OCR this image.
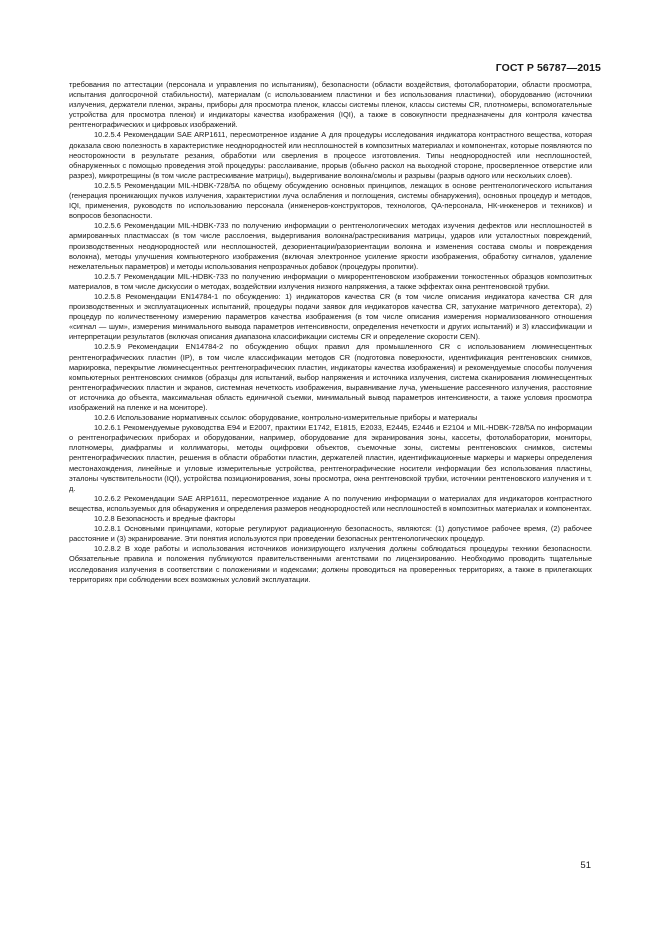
ГОСТ Р 56787—2015

требования по аттестации (персонала и управления по испытаниям), безопасности (области воздействия, фотолаборатории, области просмотра, испытания долгосрочной стабильности), материалам (с использованием пластинки и без использования пластинки), оборудованию (источники излучения, держатели пленки, экраны, приборы для просмотра пленок, классы системы пленок, классы системы CR, плотномеры, вспомогательные устройства для просмотра пленок) и индикаторы качества изображения (IQI), а также в совокупности предназначены для контроля качества рентгенографических и цифровых изображений.

10.2.5.4 Рекомендации SAE ARP1611, пересмотренное издание А для процедуры исследования индикатора контрастного вещества, которая доказала свою полезность в характеристике неоднородностей или несплошностей в композитных материалах и компонентах, которые появляются по неосторожности в результате резания, обработки или сверления в процессе изготовления. Типы неоднородностей или несплошностей, обнаруженных с помощью проведения этой процедуры: расслаивание, прорыв (обычно раскол на выходной стороне, просверленное отверстие или разрез), микротрещины (в том числе растрескивание матрицы), выдергивание волокна/смолы и разрывы (разрыв одного или нескольких слоев).

10.2.5.5 Рекомендации MIL-HDBK-728/5A по общему обсуждению основных принципов, лежащих в основе рентгенологического испытания (генерация проникающих пучков излучения, характеристики луча ослабления и поглощения, системы обнаружения), основных процедур и методов, IQI, применения, руководств по использованию персонала (инженеров-конструкторов, технологов, QA-персонала, НК-инженеров и техников) и вопросов безопасности.

10.2.5.6 Рекомендации MIL-HDBK-733 по получению информации о рентгенологических методах изучения дефектов или несплошностей в армированных пластмассах (в том числе расслоения, выдергивания волокна/растрескивания матрицы, ударов или усталостных повреждений, производственных неоднородностей или несплошностей, дезориентации/разориентации волокна и изменения состава смолы и повреждения волокна), методы улучшения компьютерного изображения (включая электронное усиление яркости изображения, обработку сигналов, удаление нежелательных параметров) и методы использования непрозрачных добавок (процедуры пропитки).

10.2.5.7 Рекомендации MIL-HDBK-733 по получению информации о микрорентгеновском изображении тонкостенных образцов композитных материалов, в том числе дискуссии о методах, воздействии излучения низкого напряжения, а также эффектах окна рентгеновской трубки.

10.2.5.8 Рекомендации EN14784-1 по обсуждению: 1) индикаторов качества CR (в том числе описания индикатора качества CR для производственных и эксплуатационных испытаний, процедуры подачи заявок для индикаторов качества CR, затухание матричного детектора), 2) процедур по количественному измерению параметров качества изображения (в том числе описания измерения нормализованного отношения «сигнал — шум», измерения минимального вывода параметров интенсивности, определения нечеткости и других испытаний) и 3) классификации и интерпретации результатов (включая описания диапазона классификации системы CR и определение скорости CEN).

10.2.5.9 Рекомендации EN14784-2 по обсуждению общих правил для промышленного CR с использованием люминесцентных рентгенографических пластин (IP), в том числе классификации методов CR (подготовка поверхности, идентификация рентгеновских снимков, маркировка, перекрытие люминесцентных рентгенографических пластин, индикаторы качества изображения) и рекомендуемые способы получения компьютерных рентгеновских снимков (образцы для испытаний, выбор напряжения и источника излучения, система сканирования люминесцентных рентгенографических пластин и экранов, системная нечеткость изображения, выравнивание луча, уменьшение рассеянного излучения, расстояние от источника до объекта, максимальная область единичной съемки, минимальный вывод параметров интенсивности, а также условия просмотра изображений на пленке и на мониторе).

10.2.6 Использование нормативных ссылок: оборудование, контрольно-измерительные приборы и материалы

10.2.6.1 Рекомендуемые руководства E94 и E2007, практики E1742, E1815, E2033, E2445, E2446 и E2104 и MIL-HDBK-728/5A по информации о рентгенографических приборах и оборудовании, например, оборудование для экранирования зоны, кассеты, фотолаборатории, мониторы, плотномеры, диафрагмы и коллиматоры, методы оцифровки объектов, съемочные зоны, системы рентгеновских снимков, системы рентгенографических пластин, решения в области обработки пластин, держателей пластин, идентификационные маркеры и маркеры определения местонахождения, линейные и угловые измерительные устройства, рентгенографические носители информации без использования пластины, эталоны чувствительности (IQI), устройства позиционирования, зоны просмотра, окна рентгеновской трубки, источники рентгеновского излучения и т. д.

10.2.6.2 Рекомендации SAE ARP1611, пересмотренное издание А по получению информации о материалах для индикаторов контрастного вещества, используемых для обнаружения и определения размеров неоднородностей или несплошностей в композитных материалах и компонентах.

10.2.8 Безопасность и вредные факторы

10.2.8.1 Основными принципами, которые регулируют радиационную безопасность, являются: (1) допустимое рабочее время, (2) рабочее расстояние и (3) экранирование. Эти понятия используются при проведении безопасных рентгенологических процедур.

10.2.8.2 В ходе работы и использования источников ионизирующего излучения должны соблюдаться процедуры техники безопасности. Обязательные правила и положения публикуются правительственными агентствами по лицензированию. Необходимо проводить тщательные исследования излучения в соответствии с положениями и кодексами; должны проводиться на проверенных территориях, а также в прилегающих территориях при соблюдении всех возможных условий эксплуатации.

51
